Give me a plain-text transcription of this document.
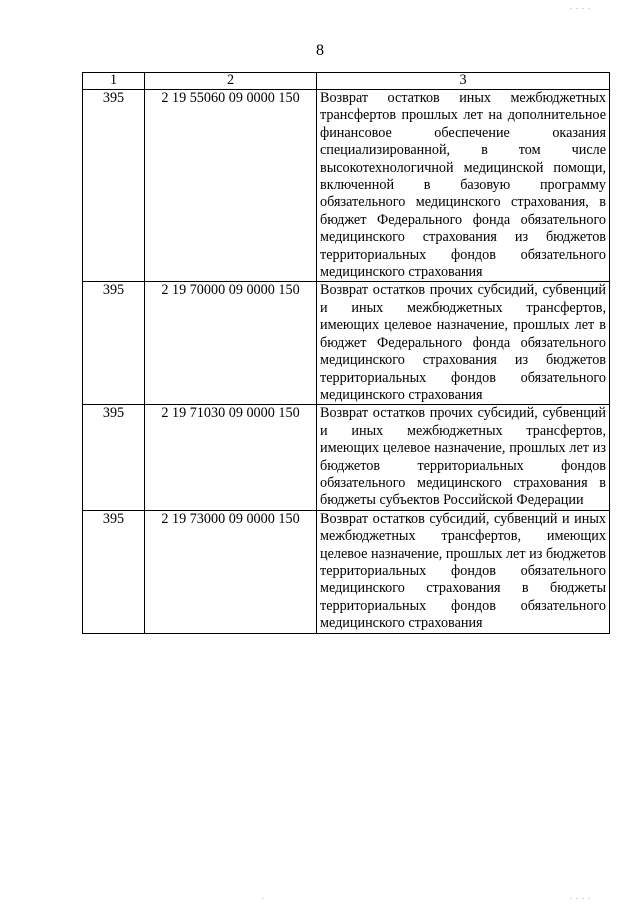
8
1	2	3
395	2 19 55060 09 0000 150	Возврат остатков иных межбюджетных трансфертов прошлых лет на дополнительное финансовое обеспечение оказания специализированной, в том числе высокотехнологичной медицинской помощи, включенной в базовую программу обязательного медицинского страхования, в бюджет Федерального фонда обязательного медицинского страхования из бюджетов территориальных фондов обязательного медицинского страхования
395	2 19 70000 09 0000 150	Возврат остатков прочих субсидий, субвенций и иных межбюджетных трансфертов, имеющих целевое назначение, прошлых лет в бюджет Федерального фонда обязательного медицинского страхования из бюджетов территориальных фондов обязательного медицинского страхования
395	2 19 71030 09 0000 150	Возврат остатков прочих субсидий, субвенций и иных межбюджетных трансфертов, имеющих целевое назначение, прошлых лет из бюджетов территориальных фондов обязательного медицинского страхования в бюджеты субъектов Российской Федерации
395	2 19 73000 09 0000 150	Возврат остатков субсидий, субвенций и иных межбюджетных трансфертов, имеющих целевое назначение, прошлых лет из бюджетов территориальных фондов обязательного медицинского страхования в бюджеты территориальных фондов обязательного медицинского страхования
. . . .
.	. . . .
